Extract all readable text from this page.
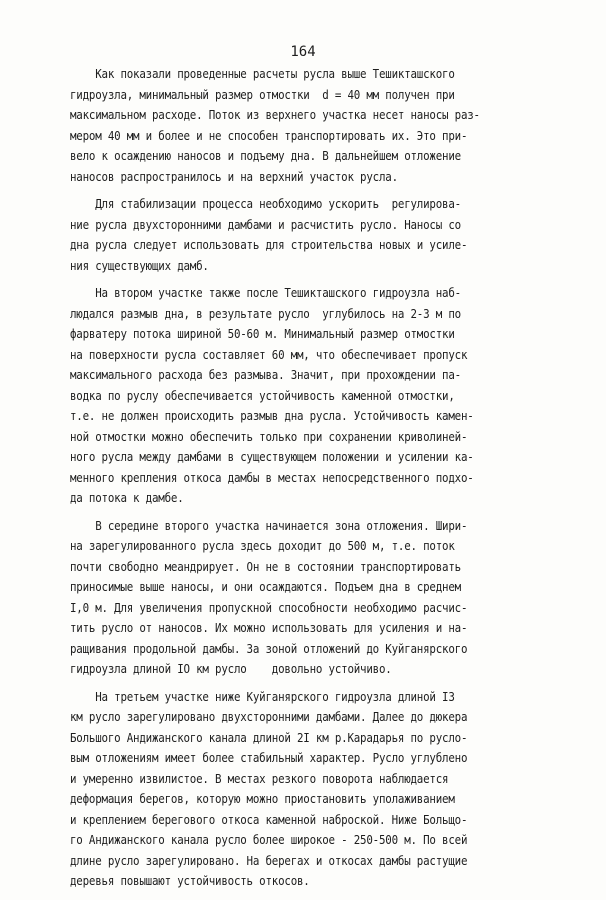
164
Как показали проведенные расчеты русла выше Тешикташского
гидроузла, минимальный размер отмостки  d = 40 мм получен при
максимальном расходе. Поток из верхнего участка несет наносы раз-
мером 40 мм и более и не способен транспортировать их. Это при-
вело к осаждению наносов и подъему дна. В дальнейшем отложение
наносов распространилось и на верхний участок русла.
Для стабилизации процесса необходимо ускорить  регулирова-
ние русла двухсторонними дамбами и расчистить русло. Наносы со
дна русла следует использовать для строительства новых и усиле-
ния существующих дамб.
На втором участке также после Тешикташского гидроузла наб-
людался размыв дна, в результате русло  углубилось на 2-3 м по
фарватеру потока шириной 50-60 м. Минимальный размер отмостки
на поверхности русла составляет 60 мм, что обеспечивает пропуск
максимального расхода без размыва. Значит, при прохождении па-
водка по руслу обеспечивается устойчивость каменной отмостки,
т.е. не должен происходить размыв дна русла. Устойчивость камен-
ной отмостки можно обеспечить только при сохранении криволиней-
ного русла между дамбами в существующем положении и усилении ка-
менного крепления откоса дамбы в местах непосредственного подхо-
да потока к дамбе.
В середине второго участка начинается зона отложения. Шири-
на зарегулированного русла здесь доходит до 500 м, т.е. поток
почти свободно меандрирует. Он не в состоянии транспортировать
приносимые выше наносы, и они осаждаются. Подъем дна в среднем
I,0 м. Для увеличения пропускной способности необходимо расчис-
тить русло от наносов. Их можно использовать для усиления и на-
ращивания продольной дамбы. За зоной отложений до Куйганярского
гидроузла длиной IO км русло    довольно устойчиво.
На третьем участке ниже Куйганярского гидроузла длиной I3
км русло зарегулировано двухсторонними дамбами. Далее до дюкера
Большого Андижанского канала длиной 2I км р.Карадарья по русло-
вым отложениям имеет более стабильный характер. Русло углублено
и умеренно извилистое. В местах резкого поворота наблюдается
деформация берегов, которую можно приостановить уполаживанием
и креплением берегового откоса каменной наброской. Ниже Больщо-
го Андижанского канала русло более широкое - 250-500 м. По всей
длине русло зарегулировано. На берегах и откосах дамбы растущие
деревья повышают устойчивость откосов.
